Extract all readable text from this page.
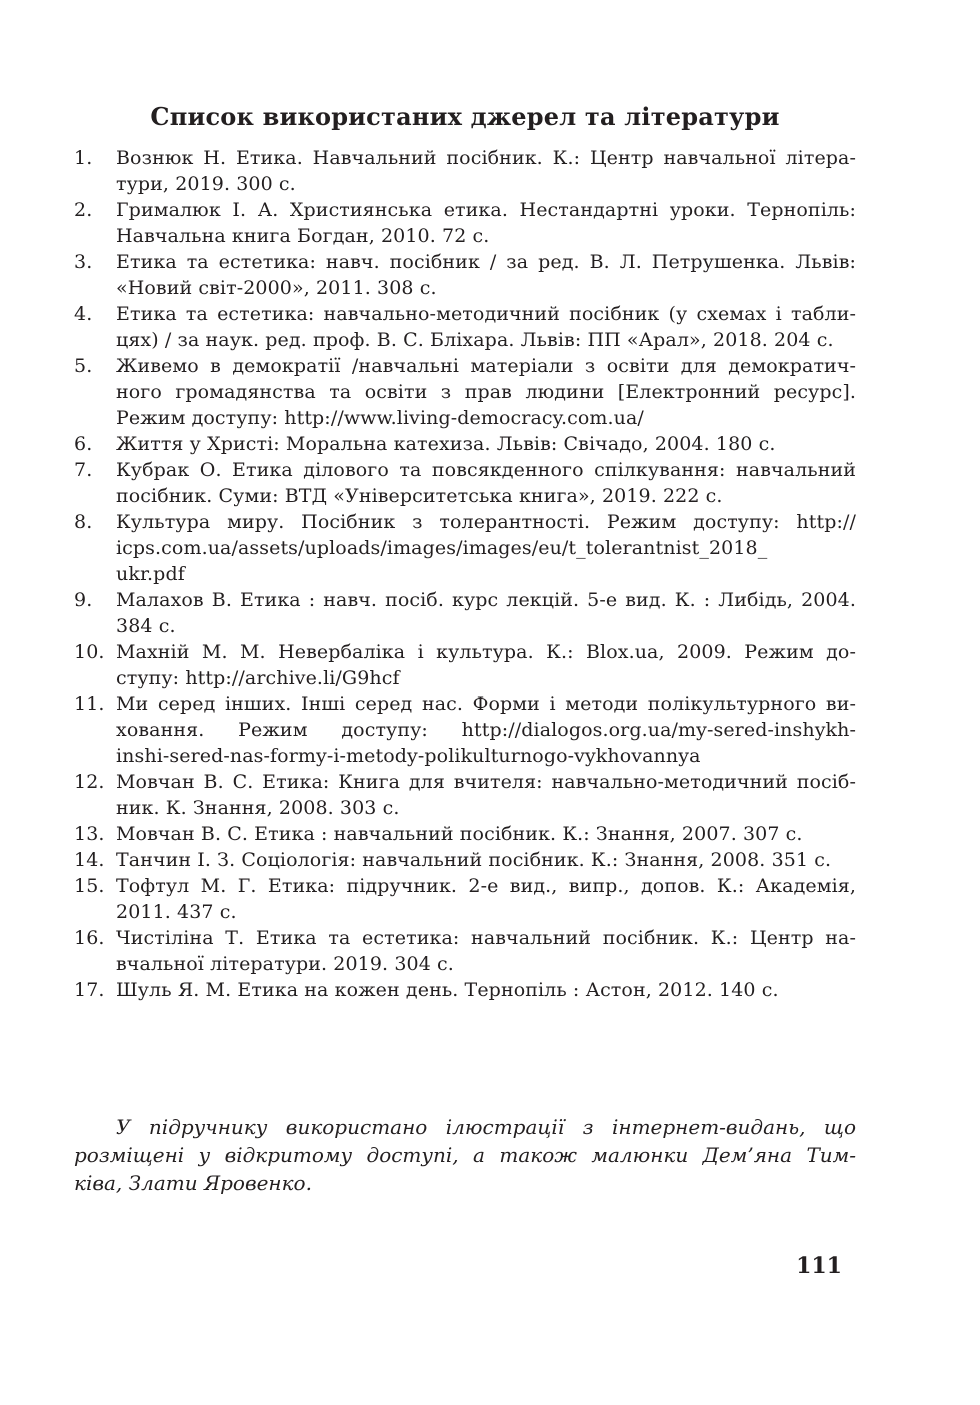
Список використаних джерел та літератури
1.	Вознюк Н. Етика. Навчальний посібник. К.: Центр навчальної літера-
тури, 2019. 300 с.
2.	Грималюк І. А. Християнська етика. Нестандартні уроки. Тернопіль:
Навчальна книга Богдан, 2010. 72 с.
3.	Етика та естетика: навч. посібник / за ред. В. Л. Петрушенка. Львів:
«Новий світ-2000», 2011. 308 с.
4.	Етика та естетика: навчально-методичний посібник (у схемах і табли-
цях) / за наук. ред. проф. В. С. Бліхара. Львів: ПП «Арал», 2018. 204 с.
5.	Живемо в демократії /навчальні матеріали з освіти для демократич-
ного громадянства та освіти з прав людини [Електронний ресурс].
Режим доступу: http://www.living-democracy.com.ua/
6.	Життя у Христі: Моральна катехиза. Львів: Свічадо, 2004. 180 с.
7.	Кубрак О. Етика ділового та повсякденного спілкування: навчальний
посібник. Суми: ВТД «Університетська книга», 2019. 222 с.
8.	Культура миру. Посібник з толерантності. Режим доступу: http://
icps.com.ua/assets/uploads/images/images/eu/t_tolerantnist_2018_
ukr.pdf
9.	Малахов В. Етика : навч. посіб. курс лекцій. 5-е вид. К. : Либідь, 2004.
384 с.
10. Махній М. М. Невербаліка і культура. К.: Blox.ua, 2009. Режим до-
ступу: http://archive.li/G9hcf
11. Ми серед інших. Інші серед нас. Форми і методи полікультурного ви-
ховання. Режим доступу: http://dialogos.org.ua/my-sered-inshykh-
inshi-sered-nas-formy-i-metody-polikulturnogo-vykhovannya
12. Мовчан В. С. Етика: Книга для вчителя: навчально-методичний посіб-
ник. К. Знання, 2008. 303 с.
13. Мовчан В. С. Етика : навчальний посібник. К.: Знання, 2007. 307 с.
14. Танчин І. З. Соціологія: навчальний посібник. К.: Знання, 2008. 351 с.
15. Тофтул М. Г. Етика: підручник. 2-е вид., випр., допов. К.: Академія,
2011. 437 с.
16. Чистіліна Т. Етика та естетика: навчальний посібник. К.: Центр на-
вчальної літератури. 2019. 304 с.
17. Шуль Я. М. Етика на кожен день. Тернопіль : Астон, 2012. 140 с.
У підручнику використано ілюстрації з інтернет-видань, що
розміщені у відкритому доступі, а також малюнки Дем’яна Тим-
ківа, Злати Яровенко.
111
